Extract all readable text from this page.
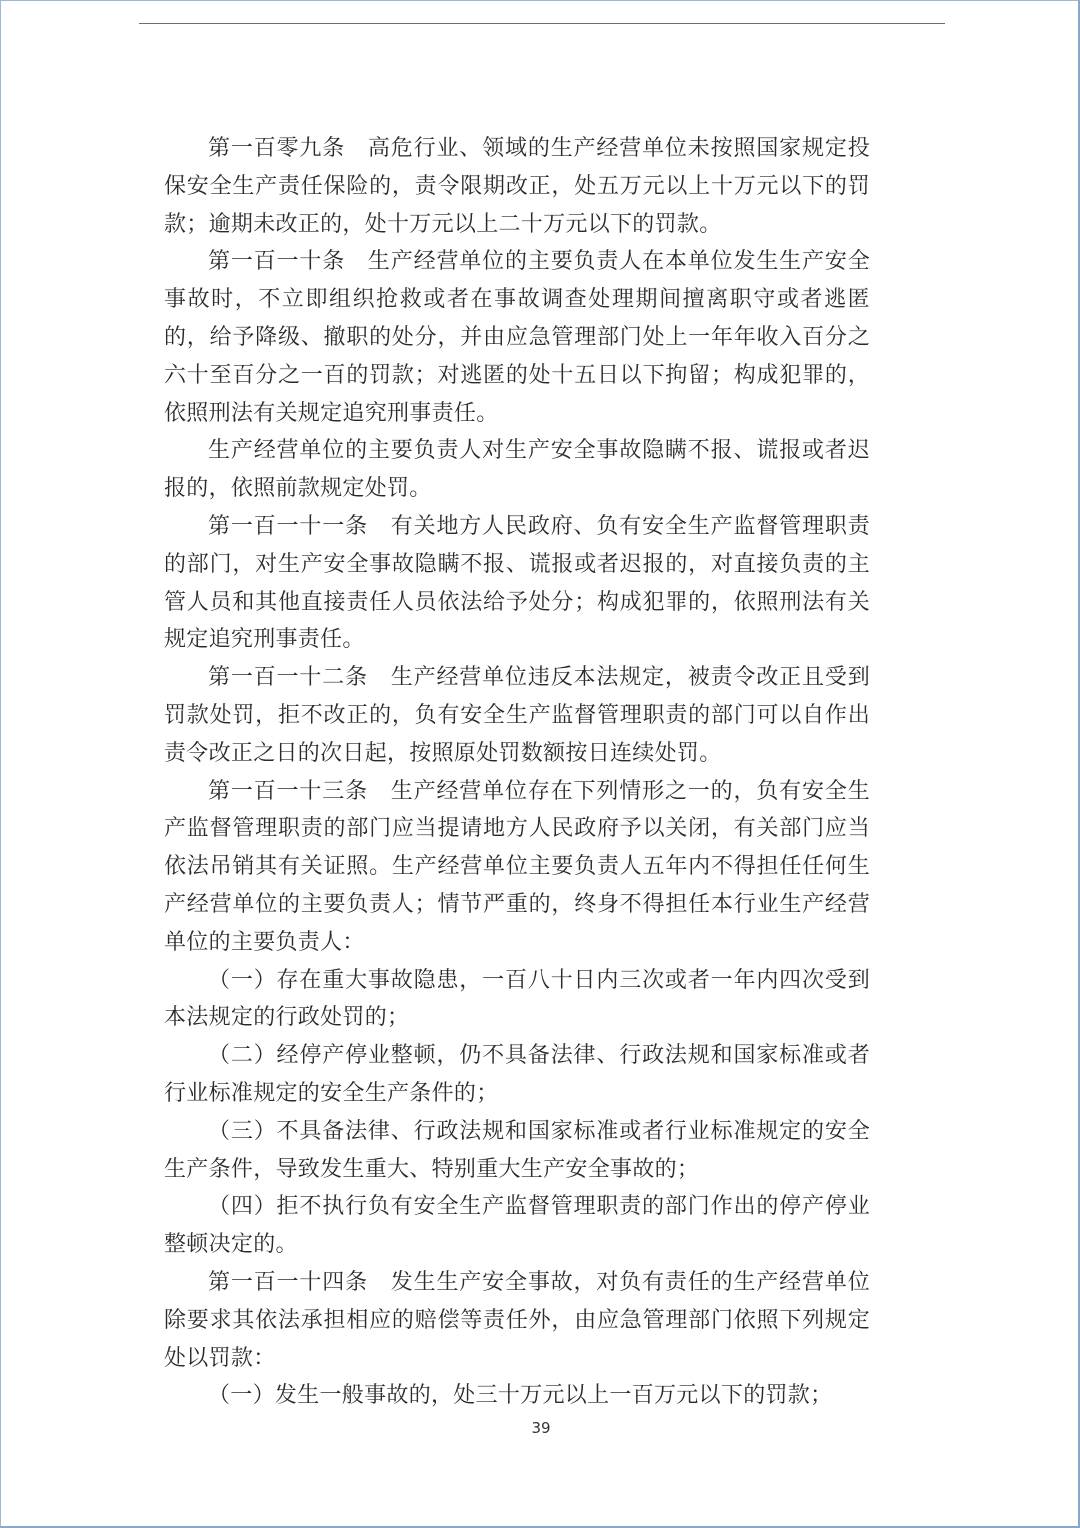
第一百零九条　高危行业、领域的生产经营单位未按照国家规定投保安全生产责任保险的，责令限期改正，处五万元以上十万元以下的罚款；逾期未改正的，处十万元以上二十万元以下的罚款。

第一百一十条　生产经营单位的主要负责人在本单位发生生产安全事故时，不立即组织抢救或者在事故调查处理期间擅离职守或者逃匿的，给予降级、撤职的处分，并由应急管理部门处上一年年收入百分之六十至百分之一百的罚款；对逃匿的处十五日以下拘留；构成犯罪的，依照刑法有关规定追究刑事责任。

生产经营单位的主要负责人对生产安全事故隐瞒不报、谎报或者迟报的，依照前款规定处罚。

第一百一十一条　有关地方人民政府、负有安全生产监督管理职责的部门，对生产安全事故隐瞒不报、谎报或者迟报的，对直接负责的主管人员和其他直接责任人员依法给予处分；构成犯罪的，依照刑法有关规定追究刑事责任。

第一百一十二条　生产经营单位违反本法规定，被责令改正且受到罚款处罚，拒不改正的，负有安全生产监督管理职责的部门可以自作出责令改正之日的次日起，按照原处罚数额按日连续处罚。

第一百一十三条　生产经营单位存在下列情形之一的，负有安全生产监督管理职责的部门应当提请地方人民政府予以关闭，有关部门应当依法吊销其有关证照。生产经营单位主要负责人五年内不得担任任何生产经营单位的主要负责人；情节严重的，终身不得担任本行业生产经营单位的主要负责人：

（一）存在重大事故隐患，一百八十日内三次或者一年内四次受到本法规定的行政处罚的；

（二）经停产停业整顿，仍不具备法律、行政法规和国家标准或者行业标准规定的安全生产条件的；

（三）不具备法律、行政法规和国家标准或者行业标准规定的安全生产条件，导致发生重大、特别重大生产安全事故的；

（四）拒不执行负有安全生产监督管理职责的部门作出的停产停业整顿决定的。

第一百一十四条　发生生产安全事故，对负有责任的生产经营单位除要求其依法承担相应的赔偿等责任外，由应急管理部门依照下列规定处以罚款：

（一）发生一般事故的，处三十万元以上一百万元以下的罚款；

39
